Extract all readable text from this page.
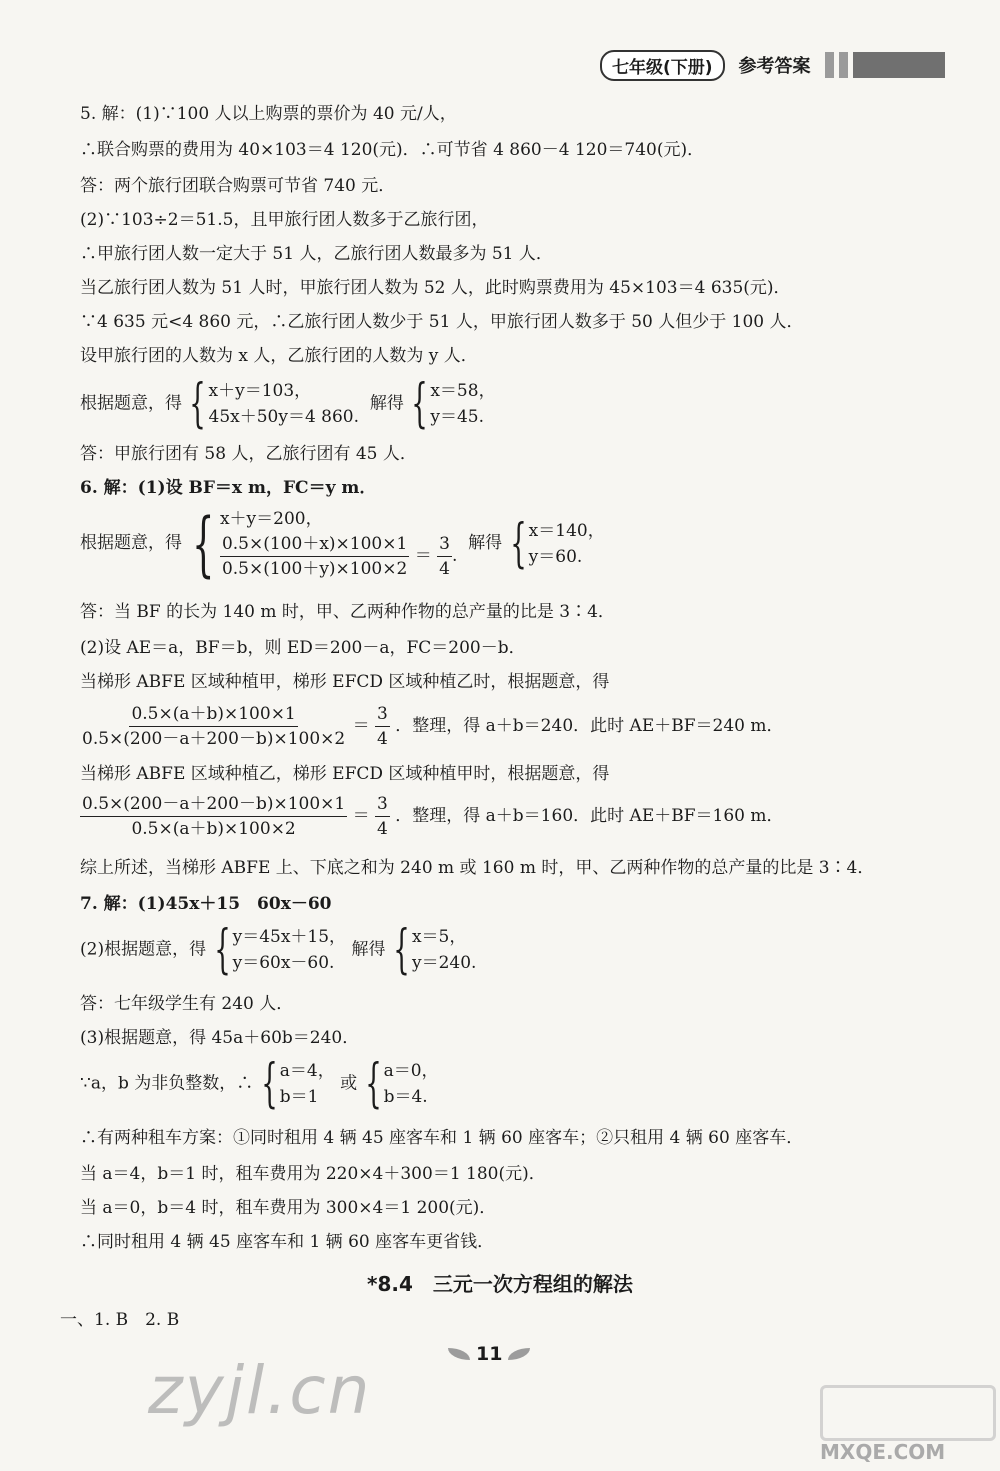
七年级(下册)	参考答案
5. 解：(1)∵100 人以上购票的票价为 40 元/人，
∴联合购票的费用为 40×103＝4 120(元)．∴可节省 4 860－4 120＝740(元)．
答：两个旅行团联合购票可节省 740 元．
(2)∵103÷2＝51.5，且甲旅行团人数多于乙旅行团，
∴甲旅行团人数一定大于 51 人，乙旅行团人数最多为 51 人．
当乙旅行团人数为 51 人时，甲旅行团人数为 52 人，此时购票费用为 45×103＝4 635(元)．
∵4 635 元<4 860 元，∴乙旅行团人数少于 51 人，甲旅行团人数多于 50 人但少于 100 人．
设甲旅行团的人数为 x 人，乙旅行团的人数为 y 人．
根据题意，得 { x＋y＝103，
45x＋50y＝4 860.
解得 { x＝58，
y＝45.
答：甲旅行团有 58 人，乙旅行团有 45 人．
6. 解：(1)设 BF＝x m，FC＝y m．
根据题意，得 { x＋y＝200，
$\frac{0.5\times(100+x)\times 100\times 1}{0.5\times(100+y)\times 100\times 2} = \frac{3}{4}$ .
解得 { x＝140，
y＝60.
答：当 BF 的长为 140 m 时，甲、乙两种作物的总产量的比是 3∶4．
(2)设 AE＝a，BF＝b，则 ED＝200－a，FC＝200－b．
当梯形 ABFE 区域种植甲，梯形 EFCD 区域种植乙时，根据题意，得
$\frac{0.5\times(a+b)\times 100\times 1}{0.5\times(200-a+200-b)\times 100\times 2} = \frac{3}{4}$ ．整理，得 a＋b＝240．此时 AE＋BF＝240 m．
当梯形 ABFE 区域种植乙，梯形 EFCD 区域种植甲时，根据题意，得
$\frac{0.5\times(200-a+200-b)\times 100\times 1}{0.5\times(a+b)\times 100\times 2} = \frac{3}{4}$ ．整理，得 a＋b＝160．此时 AE＋BF＝160 m．
综上所述，当梯形 ABFE 上、下底之和为 240 m 或 160 m 时，甲、乙两种作物的总产量的比是 3∶4．
7. 解：(1)45x＋15　60x－60
(2)根据题意，得 { y＝45x＋15，
y＝60x－60.
解得 { x＝5，
y＝240.
答：七年级学生有 240 人．
(3)根据题意，得 45a＋60b＝240．
∵a，b 为非负整数，∴ { a＝4，
b＝1
或 { a＝0，
b＝4.
∴有两种租车方案：①同时租用 4 辆 45 座客车和 1 辆 60 座客车；②只租用 4 辆 60 座客车．
当 a＝4，b＝1 时，租车费用为 220×4＋300＝1 180(元)．
当 a＝0，b＝4 时，租车费用为 300×4＝1 200(元)．
∴同时租用 4 辆 45 座客车和 1 辆 60 座客车更省钱．
一、1. B　2. B
*8.4　三元一次方程组的解法
11
zyjl.cn
MXQE.COM
